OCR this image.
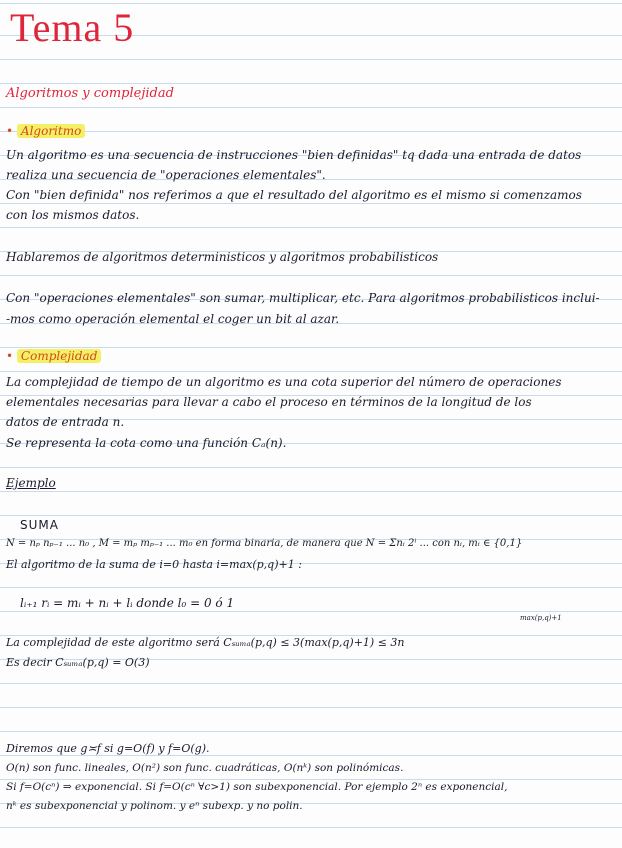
Tema 5
Algoritmos y complejidad
• Algoritmo
Un algoritmo es una secuencia de instrucciones "bien definidas" tq dada una entrada de datos
realiza una secuencia de "operaciones elementales".
Con "bien definida" nos referimos a que el resultado del algoritmo es el mismo si comenzamos
con los mismos datos.
Hablaremos de algoritmos deterministicos y algoritmos probabilisticos
Con "operaciones elementales" son sumar, multiplicar, etc. Para algoritmos probabilisticos inclui-
-mos como operación elemental el coger un bit al azar.
• Complejidad
La complejidad de tiempo de un algoritmo es una cota superior del número de operaciones
elementales necesarias para llevar a cabo el proceso en términos de la longitud de los
datos de entrada n.
Se representa la cota como una función Cₐ(n).
Ejemplo
SUMA
N = nₚ nₚ₋₁ ... n₀ , M = mₚ mₚ₋₁ ... m₀ en forma binaria, de manera que N = Σnᵢ 2ⁱ ... con nᵢ, mᵢ ∈ {0,1}
El algoritmo de la suma de i=0 hasta i=max(p,q)+1 :
lᵢ₊₁ rᵢ = mᵢ + nᵢ + lᵢ donde l₀ = 0 ó 1
max(p,q)+1
La complejidad de este algoritmo será Cₛᵤₘₐ(p,q) ≤ 3(max(p,q)+1) ≤ 3n
Es decir Cₛᵤₘₐ(p,q) = O(3)
Diremos que g≍f si g=O(f) y f=O(g).
O(n) son func. lineales, O(n²) son func. cuadráticas, O(nᵏ) son polinómicas.
Si f=O(cⁿ) ⇒ exponencial. Si f=O(cⁿ ∀c>1) son subexponencial. Por ejemplo 2ⁿ es exponencial,
nᵏ es subexponencial y polinom. y eⁿ subexp. y no polin.
